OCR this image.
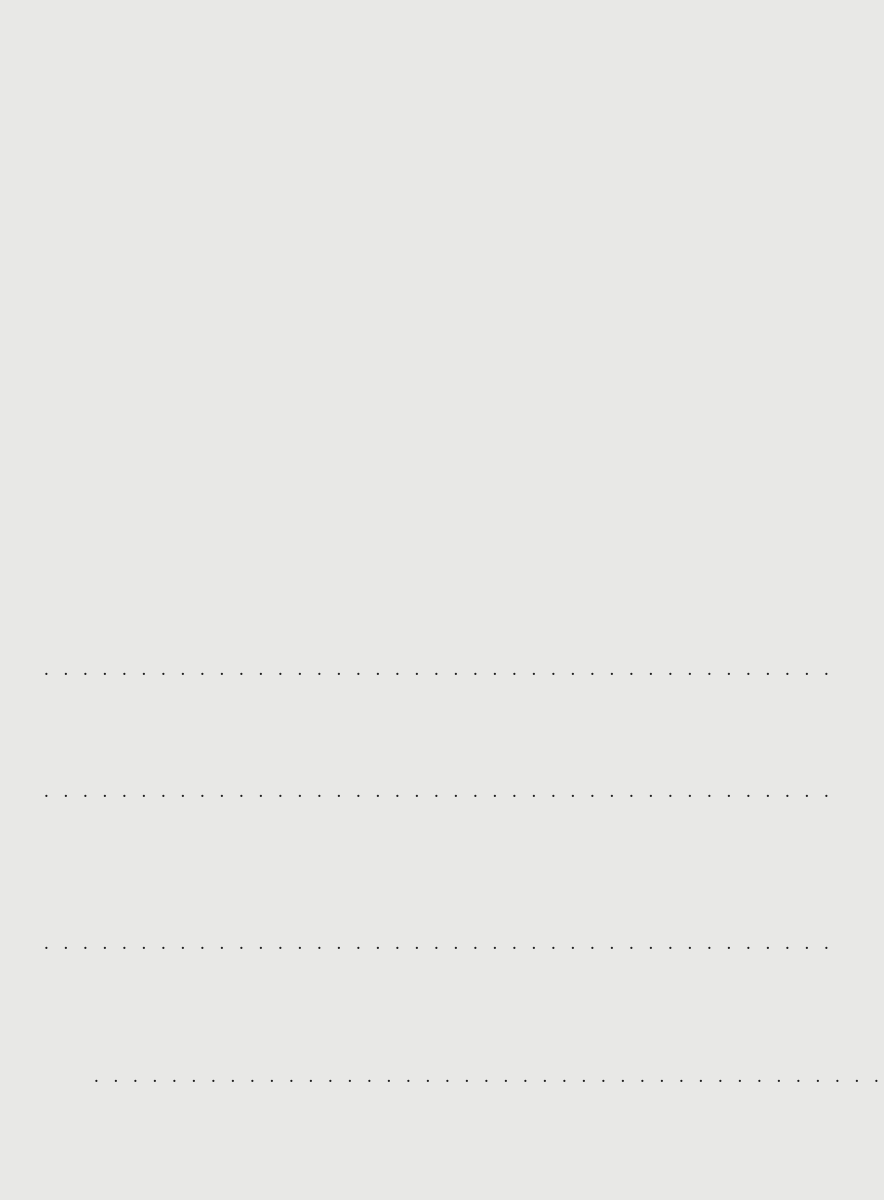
. . . . . . . . . . . . . . . . . . . . . . . . . . . . . . . . . . . . . . . . .
. . . . . . . . . . . . . . . . . . . . . . . . . . . . . . . . . . . . . . . . .
. . . . . . . . . . . . . . . . . . . . . . . . . . . . . . . . . . . . . . . . .
. . . . . . . . . . . . . . . . . . . . . . . . . . . . . . . . . . . . . . . . .
